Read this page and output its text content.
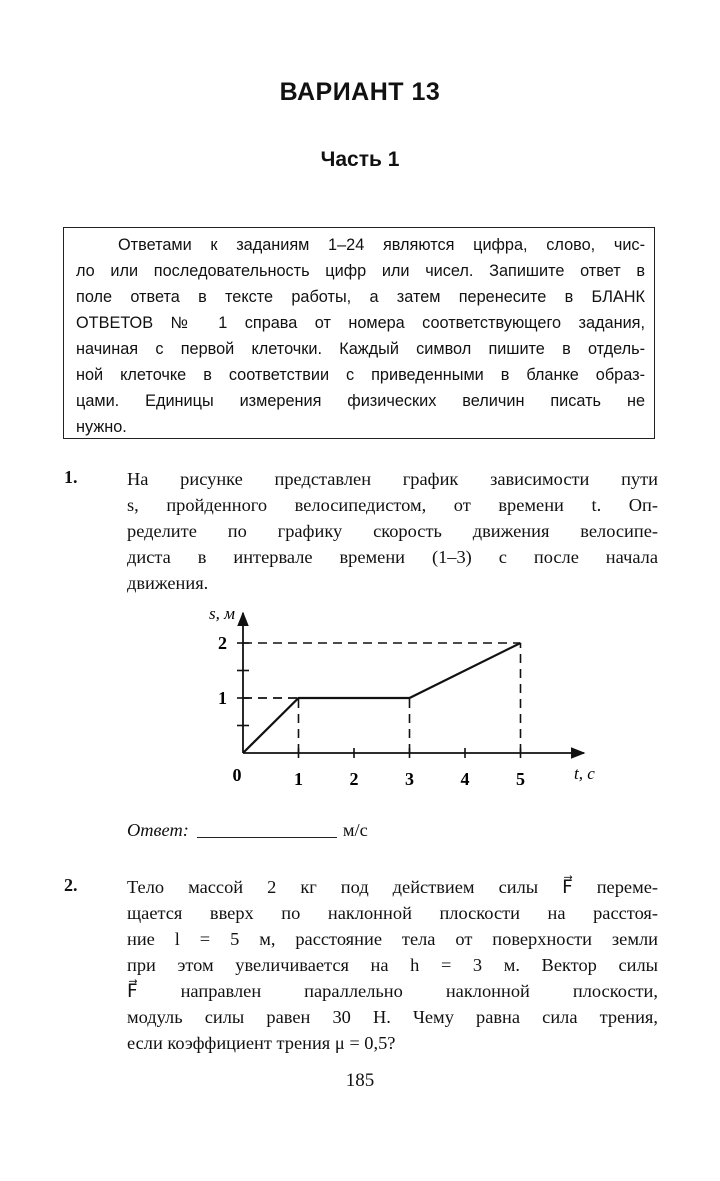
ВАРИАНТ 13
Часть 1
Ответами к заданиям 1–24 являются цифра, слово, чис-
ло или последовательность цифр или чисел. Запишите ответ в
поле ответа в тексте работы, а затем перенесите в БЛАНК
ОТВЕТОВ № 1 справа от номера соответствующего задания,
начиная с первой клеточки. Каждый символ пишите в отдель-
ной клеточке в соответствии с приведенными в бланке образ-
цами. Единицы измерения физических величин писать не
нужно.
1.	На рисунке представлен график зависимости пути
s, пройденного велосипедистом, от времени t. Оп-
ределите по графику скорость движения велосипе-
диста в интервале времени (1–3) с после начала
движения.
s, м
t, с
0	1	2	3	4	5
1
2
Ответ:	м/с
2.	Тело массой 2 кг под действием силы F⃗ переме-
щается вверх по наклонной плоскости на расстоя-
ние l = 5 м, расстояние тела от поверхности земли
при этом увеличивается на h = 3 м. Вектор силы
F⃗ направлен параллельно наклонной плоскости,
модуль силы равен 30 Н. Чему равна сила трения,
если коэффициент трения μ = 0,5?
185
